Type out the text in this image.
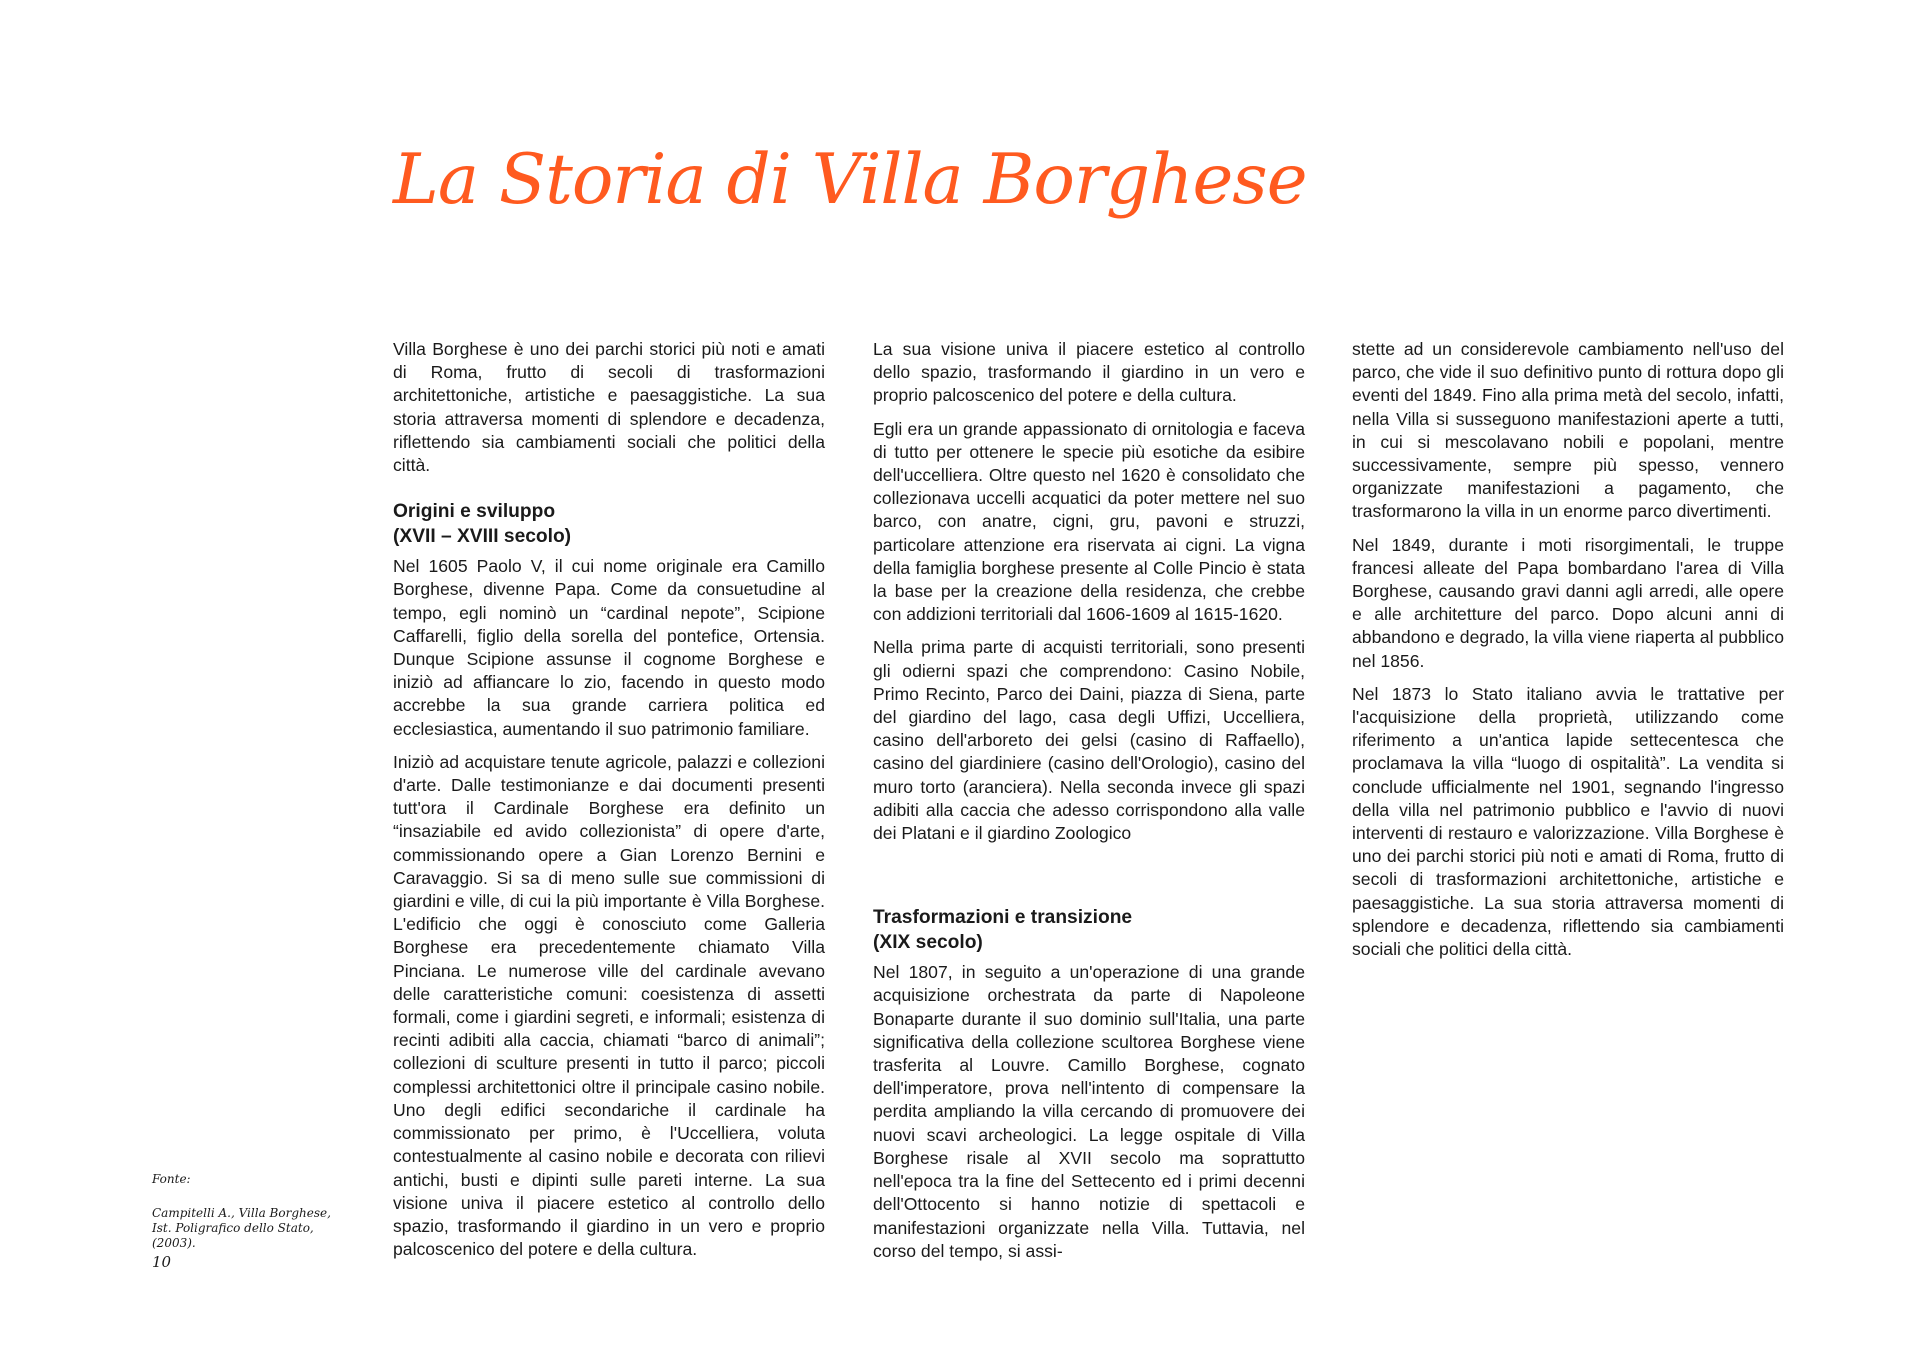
La Storia di Villa Borghese

Villa Borghese è uno dei parchi storici più noti e amati di Roma, frutto di secoli di trasformazioni architettoniche, artistiche e paesaggistiche. La sua storia attraversa momenti di splendore e decadenza, riflettendo sia cambiamenti sociali che politici della città.

Origini e sviluppo
(XVII – XVIII secolo)

Nel 1605 Paolo V, il cui nome originale era Camillo Borghese, divenne Papa. Come da consuetudine al tempo, egli nominò un “cardinal nepote”, Scipione Caffarelli, figlio della sorella del pontefice, Ortensia. Dunque Scipione assunse il cognome Borghese e iniziò ad affiancare lo zio, facendo in questo modo accrebbe la sua grande carriera politica ed ecclesiastica, aumentando il suo patrimonio familiare.

Iniziò ad acquistare tenute agricole, palazzi e collezioni d'arte. Dalle testimonianze e dai documenti presenti tutt'ora il Cardinale Borghese era definito un “insaziabile ed avido collezionista” di opere d'arte, commissionando opere a Gian Lorenzo Bernini e Caravaggio. Si sa di meno sulle sue commissioni di giardini e ville, di cui la più importante è Villa Borghese. L'edificio che oggi è conosciuto come Galleria Borghese era precedentemente chiamato Villa Pinciana. Le numerose ville del cardinale avevano delle caratteristiche comuni: coesistenza di assetti formali, come i giardini segreti, e informali; esistenza di recinti adibiti alla caccia, chiamati “barco di animali”; collezioni di sculture presenti in tutto il parco; piccoli complessi architettonici oltre il principale casino nobile. Uno degli edifici secondariche il cardinale ha commissionato per primo, è l'Uccelliera, voluta contestualmente al casino nobile e decorata con rilievi antichi, busti e dipinti sulle pareti interne. La sua visione univa il piacere estetico al controllo dello spazio, trasformando il giardino in un vero e proprio palcoscenico del potere e della cultura.

La sua visione univa il piacere estetico al controllo dello spazio, trasformando il giardino in un vero e proprio palcoscenico del potere e della cultura.

Egli era un grande appassionato di ornitologia e faceva di tutto per ottenere le specie più esotiche da esibire dell'uccelliera. Oltre questo nel 1620 è consolidato che collezionava uccelli acquatici da poter mettere nel suo barco, con anatre, cigni, gru, pavoni e struzzi, particolare attenzione era riservata ai cigni. La vigna della famiglia borghese presente al Colle Pincio è stata la base per la creazione della residenza, che crebbe con addizioni territoriali dal 1606-1609 al 1615-1620.

Nella prima parte di acquisti territoriali, sono presenti gli odierni spazi che comprendono: Casino Nobile, Primo Recinto, Parco dei Daini, piazza di Siena, parte del giardino del lago, casa degli Uffizi, Uccelliera, casino dell'arboreto dei gelsi (casino di Raffaello), casino del giardiniere (casino dell'Orologio), casino del muro torto (aranciera). Nella seconda invece gli spazi adibiti alla caccia che adesso corrispondono alla valle dei Platani e il giardino Zoologico

Trasformazioni e transizione
(XIX secolo)

Nel 1807, in seguito a un'operazione di una grande acquisizione orchestrata da parte di Napoleone Bonaparte durante il suo dominio sull'Italia, una parte significativa della collezione scultorea Borghese viene trasferita al Louvre. Camillo Borghese, cognato dell'imperatore, prova nell'intento di compensare la perdita ampliando la villa cercando di promuovere dei nuovi scavi archeologici. La legge ospitale di Villa Borghese risale al XVII secolo ma soprattutto nell'epoca tra la fine del Settecento ed i primi decenni dell'Ottocento si hanno notizie di spettacoli e manifestazioni organizzate nella Villa. Tuttavia, nel corso del tempo, si assi-

stette ad un considerevole cambiamento nell'uso del parco, che vide il suo definitivo punto di rottura dopo gli eventi del 1849. Fino alla prima metà del secolo, infatti, nella Villa si susseguono manifestazioni aperte a tutti, in cui si mescolavano nobili e popolani, mentre successivamente, sempre più spesso, vennero organizzate manifestazioni a pagamento, che trasformarono la villa in un enorme parco divertimenti.

Nel 1849, durante i moti risorgimentali, le truppe francesi alleate del Papa bombardano l'area di Villa Borghese, causando gravi danni agli arredi, alle opere e alle architetture del parco. Dopo alcuni anni di abbandono e degrado, la villa viene riaperta al pubblico nel 1856.

Nel 1873 lo Stato italiano avvia le trattative per l'acquisizione della proprietà, utilizzando come riferimento a un'antica lapide settecentesca che proclamava la villa “luogo di ospitalità”. La vendita si conclude ufficialmente nel 1901, segnando l'ingresso della villa nel patrimonio pubblico e l'avvio di nuovi interventi di restauro e valorizzazione. Villa Borghese è uno dei parchi storici più noti e amati di Roma, frutto di secoli di trasformazioni architettoniche, artistiche e paesaggistiche. La sua storia attraversa momenti di splendore e decadenza, riflettendo sia cambiamenti sociali che politici della città.

Fonte:
Campitelli A., Villa Borghese, Ist. Poligrafico dello Stato, (2003).
10
